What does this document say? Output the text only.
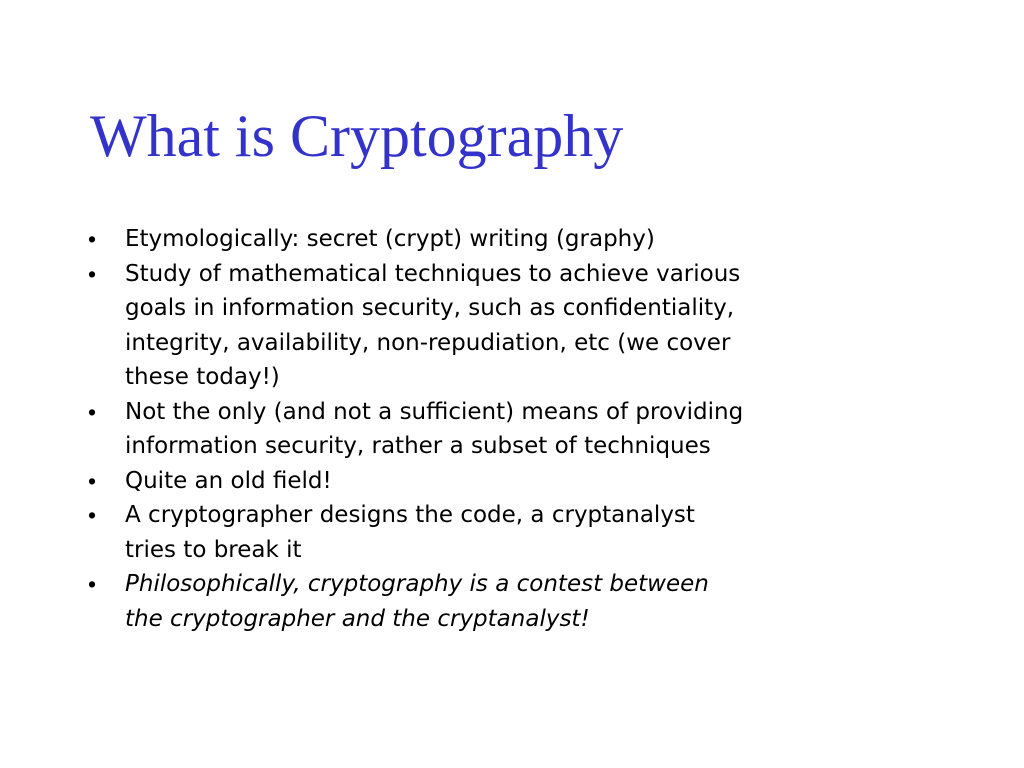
What is Cryptography
•	Etymologically: secret (crypt) writing (graphy)
•	Study of mathematical techniques to achieve various
goals in information security, such as confidentiality,
integrity, availability, non-repudiation, etc (we cover
these today!)
•	Not the only (and not a sufficient) means of providing
information security, rather a subset of techniques
•	Quite an old field!
•	A cryptographer designs the code, a cryptanalyst
tries to break it
•	Philosophically, cryptography is a contest between
the cryptographer and the cryptanalyst!
